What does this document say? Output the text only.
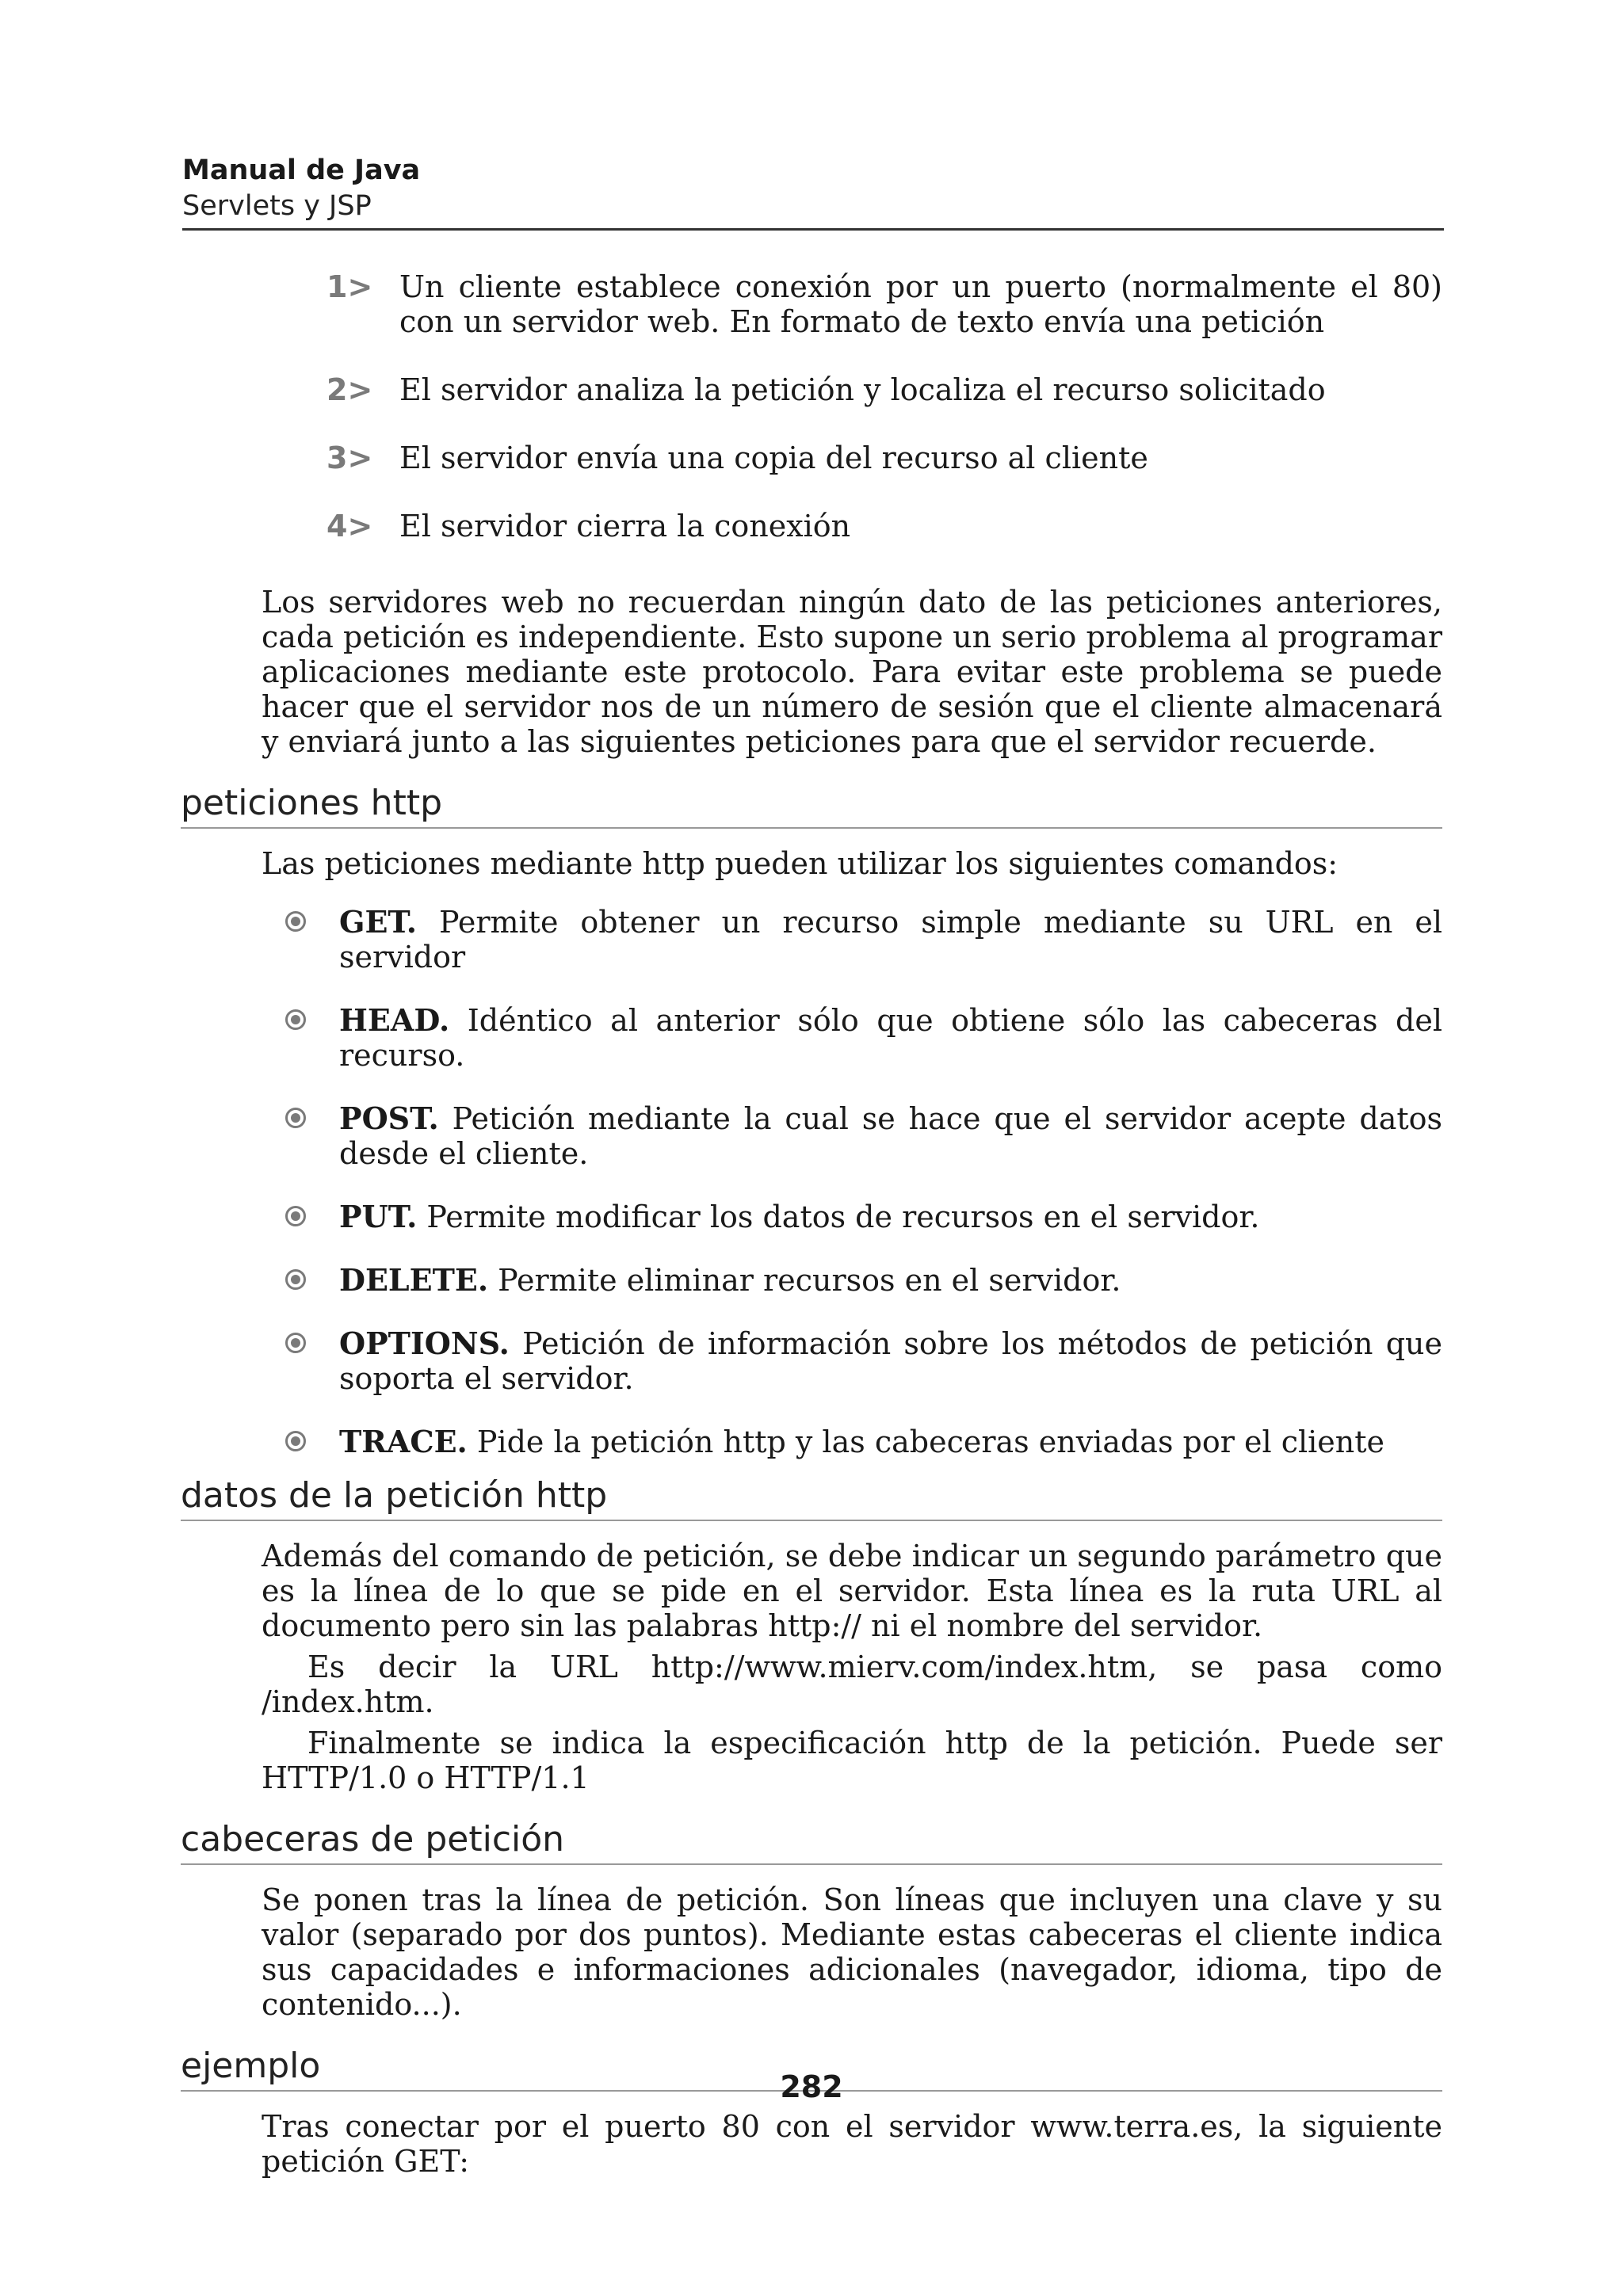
Manual de Java
Servlets y JSP
1> Un cliente establece conexión por un puerto (normalmente el 80) con un servidor web. En formato de texto envía una petición
2> El servidor analiza la petición y localiza el recurso solicitado
3> El servidor envía una copia del recurso al cliente
4> El servidor cierra la conexión

Los servidores web no recuerdan ningún dato de las peticiones anteriores, cada petición es independiente. Esto supone un serio problema al programar aplicaciones mediante este protocolo. Para evitar este problema se puede hacer que el servidor nos de un número de sesión que el cliente almacenará y enviará junto a las siguientes peticiones para que el servidor recuerde.

peticiones http

Las peticiones mediante http pueden utilizar los siguientes comandos:

GET. Permite obtener un recurso simple mediante su URL en el servidor
HEAD. Idéntico al anterior sólo que obtiene sólo las cabeceras del recurso.
POST. Petición mediante la cual se hace que el servidor acepte datos desde el cliente.
PUT. Permite modificar los datos de recursos en el servidor.
DELETE. Permite eliminar recursos en el servidor.
OPTIONS. Petición de información sobre los métodos de petición que soporta el servidor.
TRACE. Pide la petición http y las cabeceras enviadas por el cliente
datos de la petición http

Además del comando de petición, se debe indicar un segundo parámetro que es la línea de lo que se pide en el servidor. Esta línea es la ruta URL al documento pero sin las palabras http:// ni el nombre del servidor.

Es decir la URL http://www.mierv.com/index.htm, se pasa como /index.htm.

Finalmente se indica la especificación http de la petición. Puede ser HTTP/1.0 o HTTP/1.1

cabeceras de petición

Se ponen tras la línea de petición. Son líneas que incluyen una clave y su valor (separado por dos puntos). Mediante estas cabeceras el cliente indica sus capacidades e informaciones adicionales (navegador, idioma, tipo de contenido...).

ejemplo

Tras conectar por el puerto 80 con el servidor www.terra.es, la siguiente petición GET:

282
